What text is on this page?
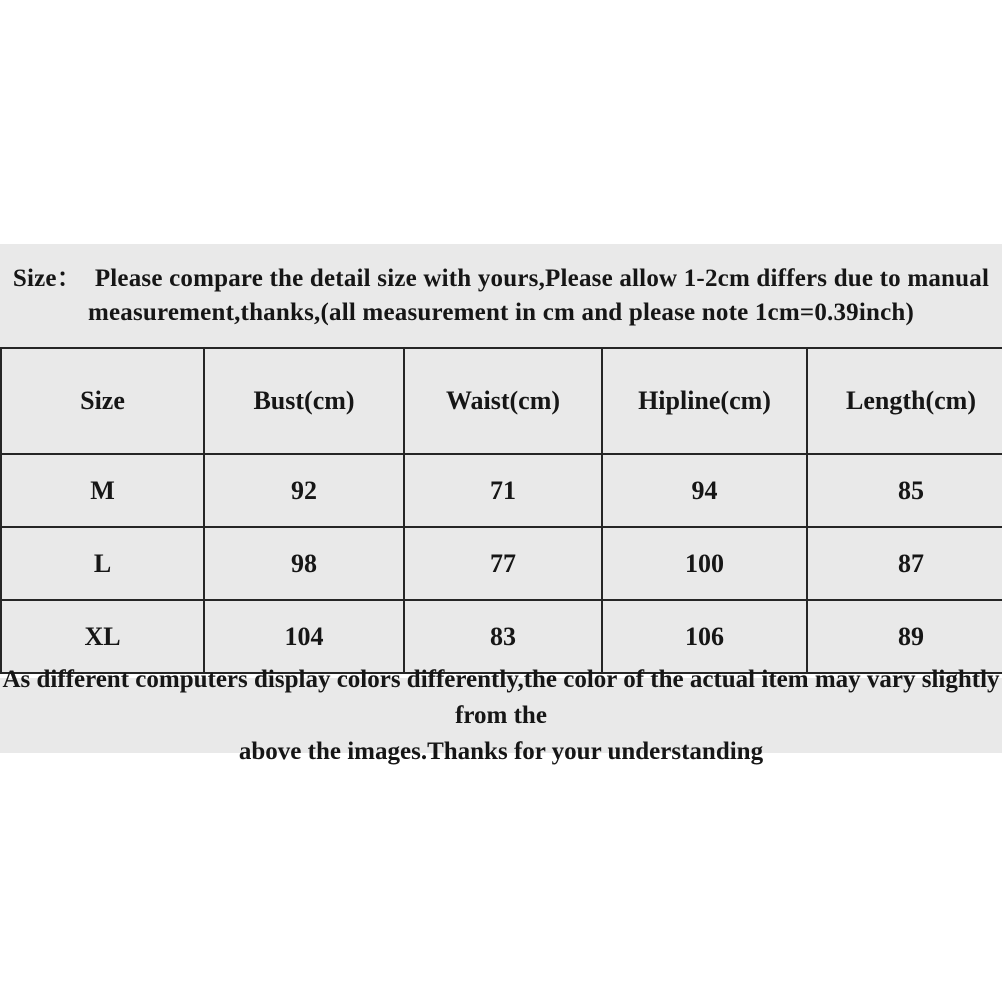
Size：  Please compare the detail size with yours,Please allow 1-2cm differs due to manual
measurement,thanks,(all measurement in cm and please note 1cm=0.39inch)
Size	Bust(cm)	Waist(cm)	Hipline(cm)	Length(cm)
M	92	71	94	85
L	98	77	100	87
XL	104	83	106	89
As different computers display colors differently,the color of the actual item may vary slightly from the
above the images.Thanks for your understanding
